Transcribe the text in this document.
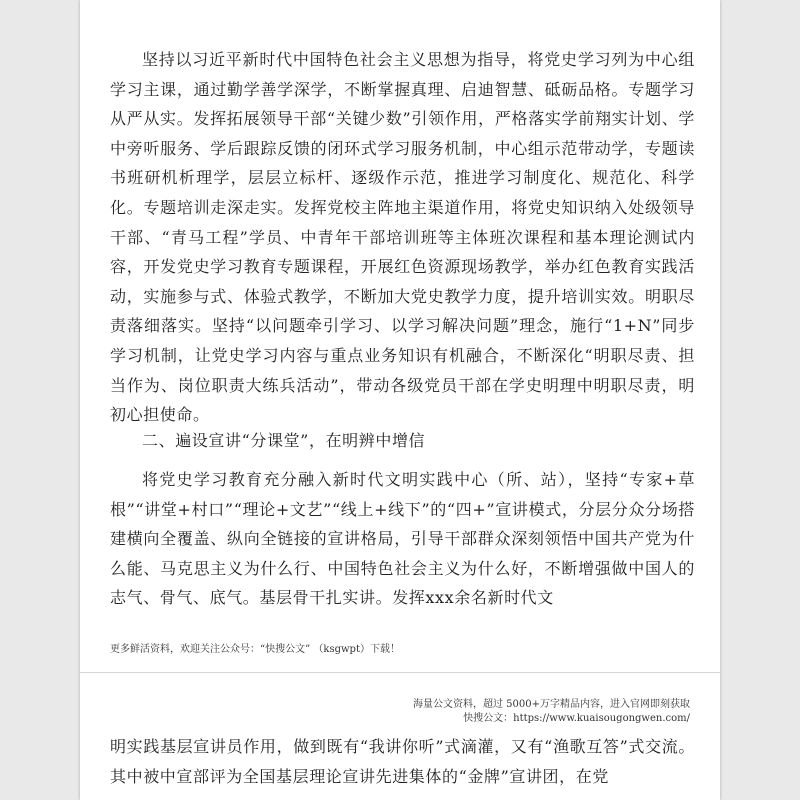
坚持以习近平新时代中国特色社会主义思想为指导，将党史学习列为中心组学习主课，通过勤学善学深学，不断掌握真理、启迪智慧、砥砺品格。专题学习从严从实。发挥拓展领导干部“关键少数”引领作用，严格落实学前翔实计划、学中旁听服务、学后跟踪反馈的闭环式学习服务机制，中心组示范带动学，专题读书班研机析理学，层层立标杆、逐级作示范，推进学习制度化、规范化、科学化。专题培训走深走实。发挥党校主阵地主渠道作用，将党史知识纳入处级领导干部、“青马工程”学员、中青年干部培训班等主体班次课程和基本理论测试内容，开发党史学习教育专题课程，开展红色资源现场教学，举办红色教育实践活动，实施参与式、体验式教学，不断加大党史教学力度，提升培训实效。明职尽责落细落实。坚持“以问题牵引学习、以学习解决问题”理念，施行“1+N”同步学习机制，让党史学习内容与重点业务知识有机融合，不断深化“明职尽责、担当作为、岗位职责大练兵活动”，带动各级党员干部在学史明理中明职尽责，明初心担使命。

二、遍设宣讲“分课堂”，在明辨中增信

将党史学习教育充分融入新时代文明实践中心（所、站），坚持“专家+草根”“讲堂+村口”“理论+文艺”“线上+线下”的“四+”宣讲模式，分层分众分场搭建横向全覆盖、纵向全链接的宣讲格局，引导干部群众深刻领悟中国共产党为什么能、马克思主义为什么行、中国特色社会主义为什么好，不断增强做中国人的志气、骨气、底气。基层骨干扎实讲。发挥xxx余名新时代文

更多鲜活资料，欢迎关注公众号：“快搜公文” （ksgwpt）下载！
海量公文资料，超过 5000+万字精品内容，进入官网即刻获取
快搜公文：https://www.kuaisougongwen.com/

明实践基层宣讲员作用，做到既有“我讲你听”式滴灌，又有“渔歌互答”式交流。其中被中宣部评为全国基层理论宣讲先进集体的“金牌”宣讲团，在党
